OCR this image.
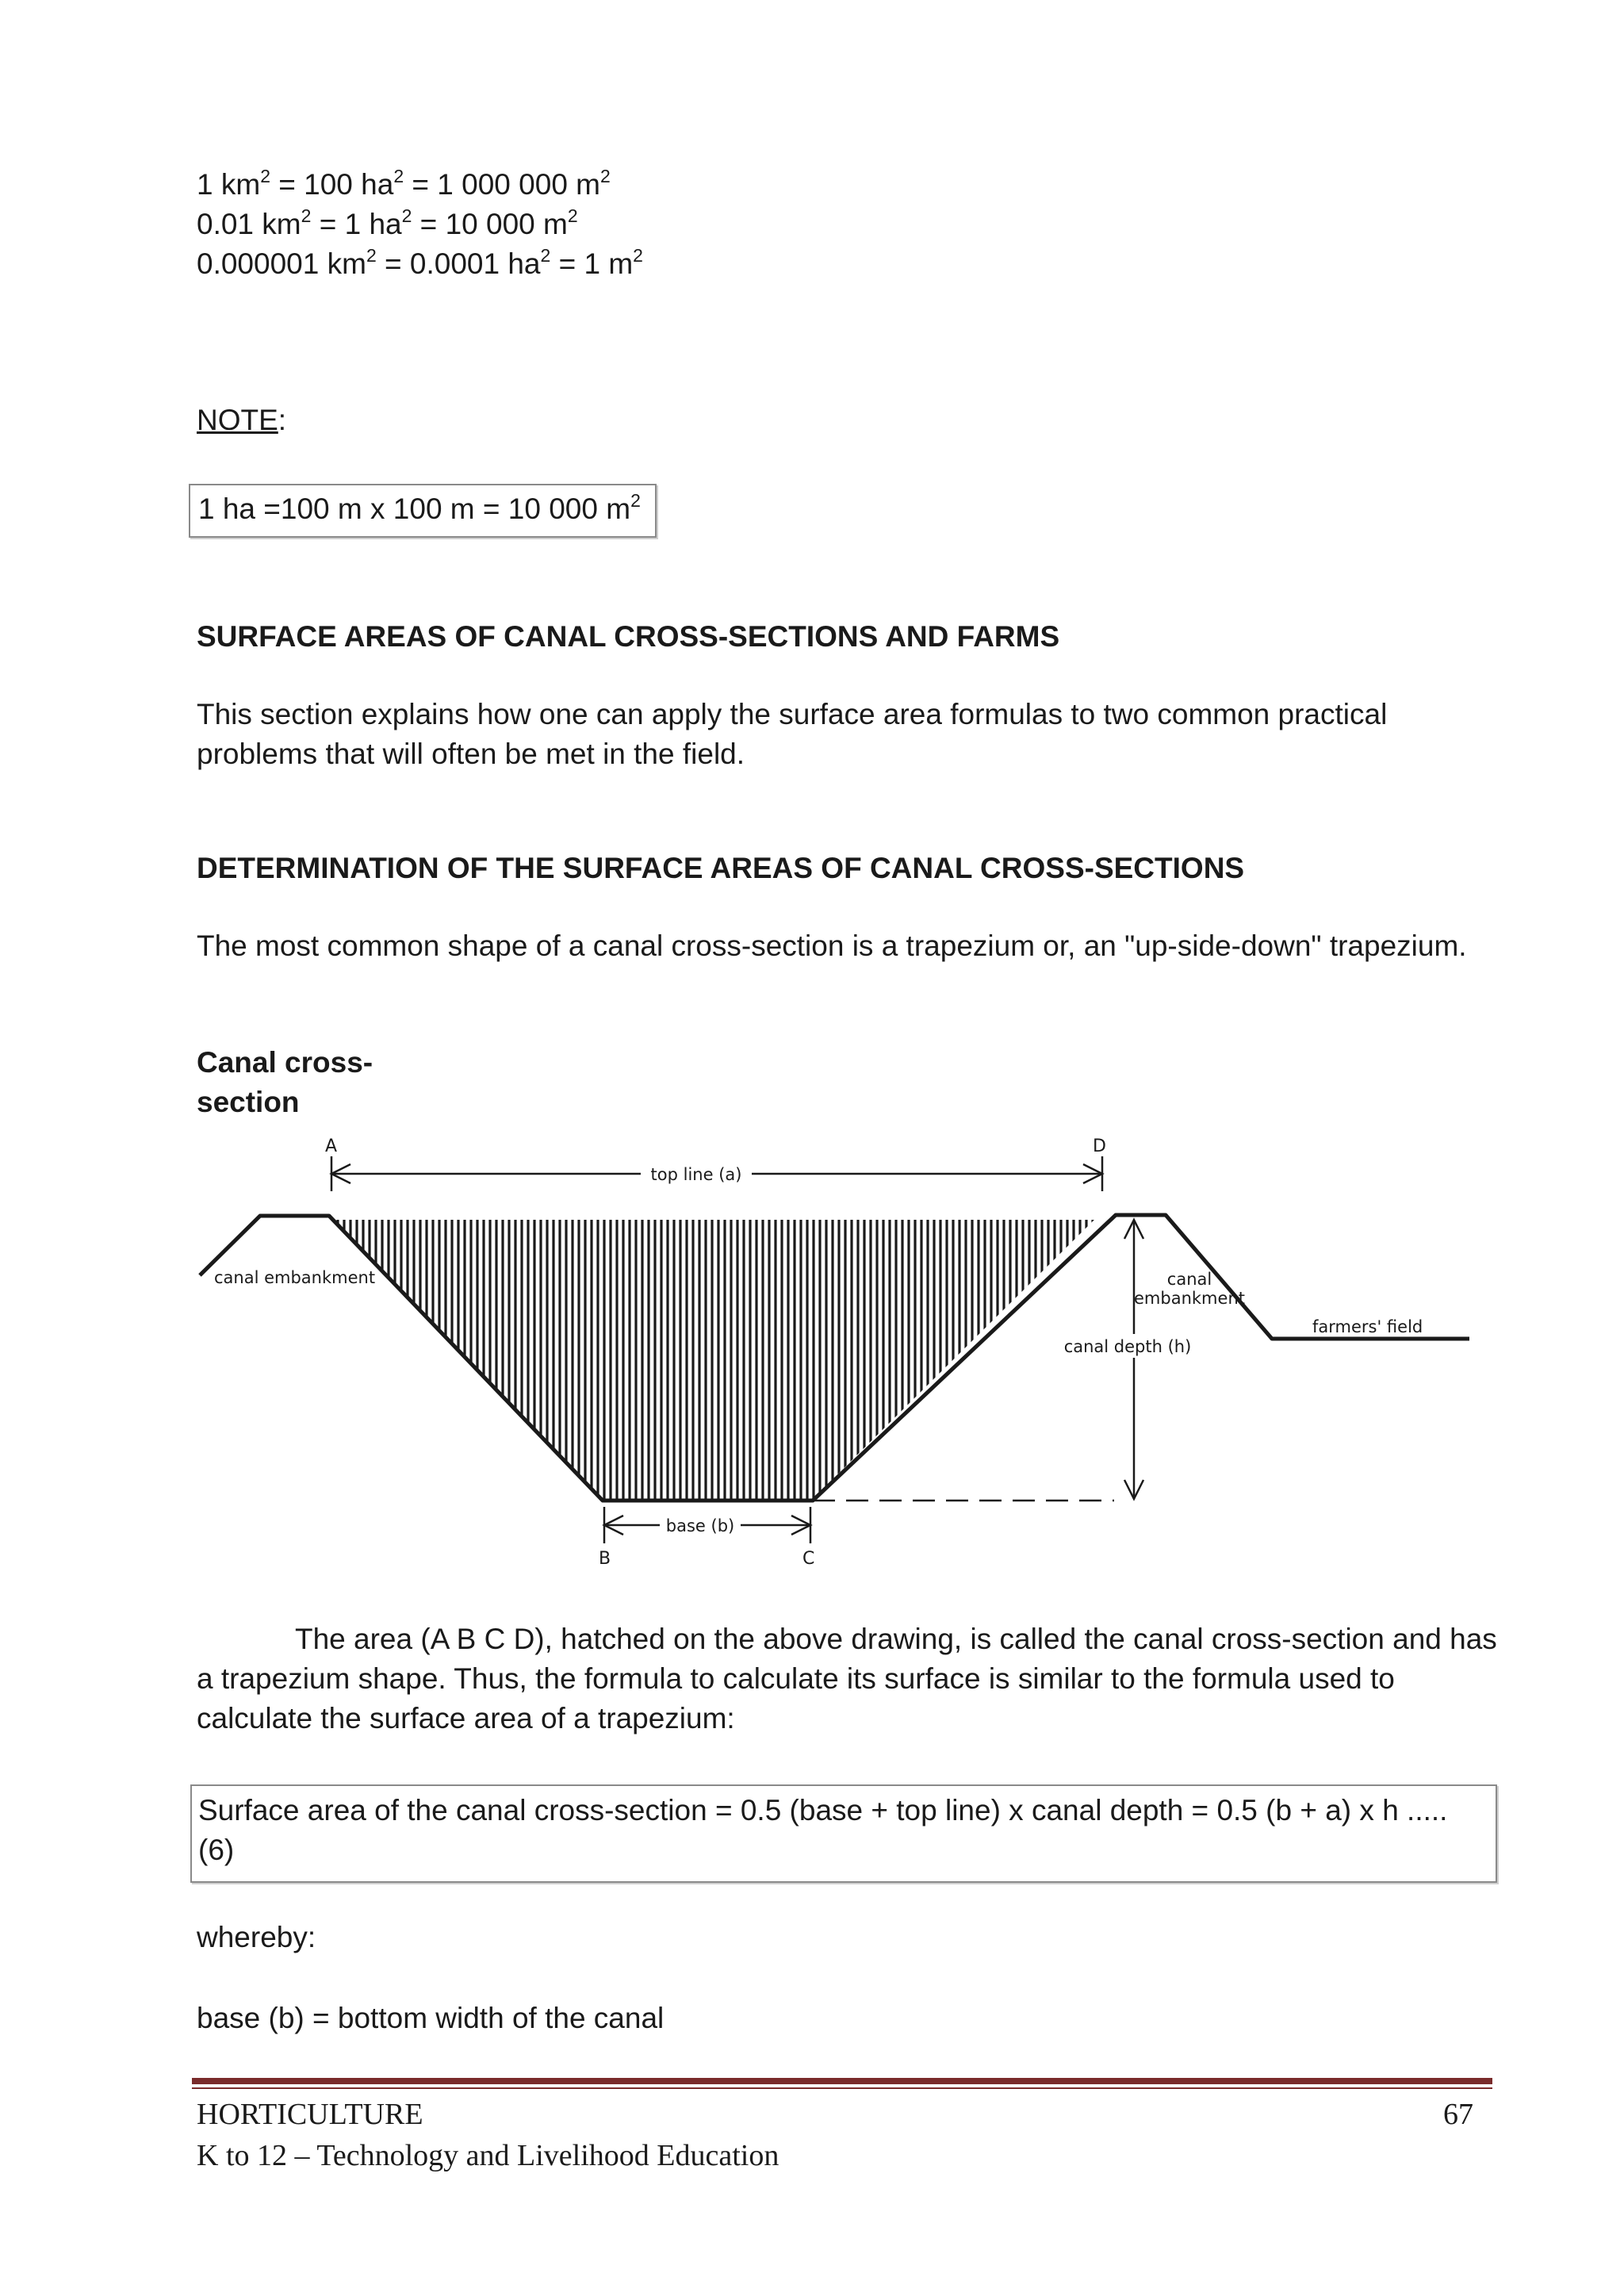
1 $km^2 = 100$ $ha^2 = 1$ 000 000 $m^2$
0.01 $km^2 = 1$ $ha^2 = 10$ 000 $m^2$
0.000001 $km^2 = 0.0001$ $ha^2 = 1$ $m^2$
NOTE:
1 ha =100 m x 100 m = 10 000 $m^2$
SURFACE AREAS OF CANAL CROSS-SECTIONS AND FARMS
This section explains how one can apply the surface area formulas to two common practical problems that will often be met in the field.
DETERMINATION OF THE SURFACE AREAS OF CANAL CROSS-SECTIONS
The most common shape of a canal cross-section is a trapezium or, an "up-side-down" trapezium.
Canal cross-section
top line (a)
A	D
canal depth (h)
base (b)
B	C
canal embankment	canal
embankment
farmers' field
The area (A B C D), hatched on the above drawing, is called the canal cross-section and has a trapezium shape. Thus, the formula to calculate its surface is similar to the formula used to calculate the surface area of a trapezium:
Surface area of the canal cross-section = 0.5 (base + top line) x canal depth = 0.5 (b + a) x h ..... (6)
whereby:
base (b) = bottom width of the canal
HORTICULTURE
K to 12 – Technology and Livelihood Education
67
